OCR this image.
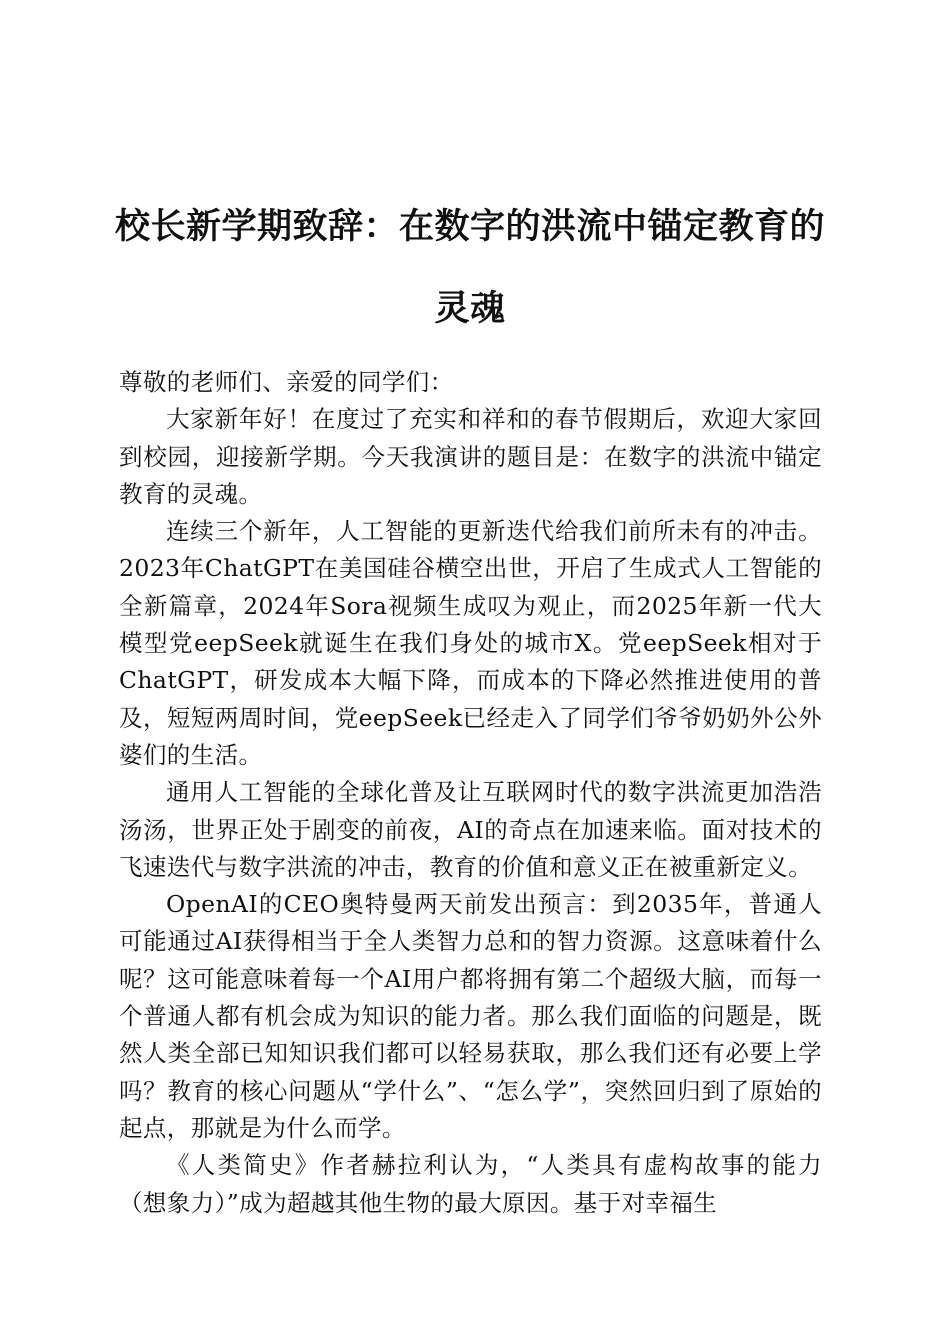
校长新学期致辞：在数字的洪流中锚定教育的灵魂

尊敬的老师们、亲爱的同学们：

大家新年好！在度过了充实和祥和的春节假期后，欢迎大家回到校园，迎接新学期。今天我演讲的题目是：在数字的洪流中锚定教育的灵魂。

连续三个新年，人工智能的更新迭代给我们前所未有的冲击。2023年ChatGPT在美国硅谷横空出世，开启了生成式人工智能的全新篇章，2024年Sora视频生成叹为观止，而2025年新一代大模型党eepSeek就诞生在我们身处的城市X。党eepSeek相对于ChatGPT，研发成本大幅下降，而成本的下降必然推进使用的普及，短短两周时间，党eepSeek已经走入了同学们爷爷奶奶外公外婆们的生活。

通用人工智能的全球化普及让互联网时代的数字洪流更加浩浩汤汤，世界正处于剧变的前夜，AI的奇点在加速来临。面对技术的飞速迭代与数字洪流的冲击，教育的价值和意义正在被重新定义。

OpenAI的CEO奥特曼两天前发出预言：到2035年，普通人可能通过AI获得相当于全人类智力总和的智力资源。这意味着什么呢？这可能意味着每一个AI用户都将拥有第二个超级大脑，而每一个普通人都有机会成为知识的能力者。那么我们面临的问题是，既然人类全部已知知识我们都可以轻易获取，那么我们还有必要上学吗？教育的核心问题从“学什么”、“怎么学”，突然回归到了原始的起点，那就是为什么而学。

《人类简史》作者赫拉利认为，“人类具有虚构故事的能力（想象力）”成为超越其他生物的最大原因。基于对幸福生
